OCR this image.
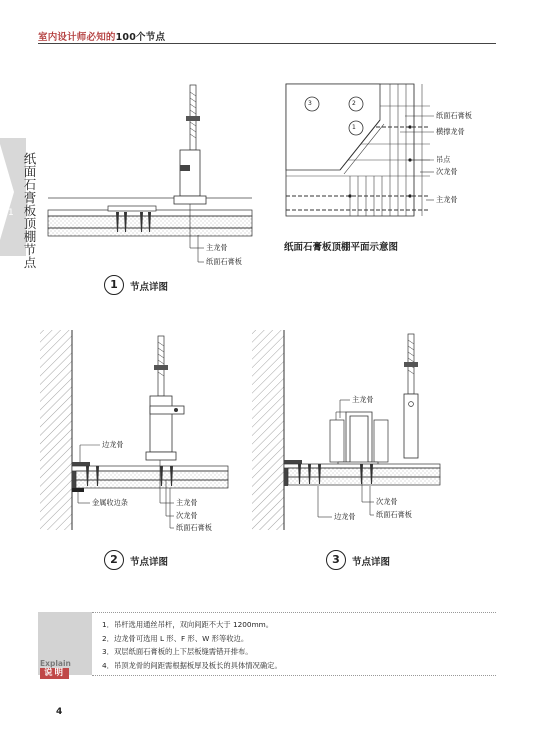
室内设计师必知的100个节点
纸面石膏板顶棚节点
1
主龙骨
纸面石膏板
1	节点详图
3	2
1
纸面石膏板
横撑龙骨
吊点
次龙骨
主龙骨
纸面石膏板顶棚平面示意图
边龙骨
金属收边条	主龙骨
次龙骨
纸面石膏板
2	节点详图
主龙骨
次龙骨
边龙骨	纸面石膏板
3	节点详图
Explain
说明
1．吊杆选用通丝吊杆，双向间距不大于 1200mm。
2．边龙骨可选用 L 形、F 形、W 形等收边。
3．双层纸面石膏板的上下层板缝需错开排布。
4．吊顶龙骨的间距需根据板厚及板长的具体情况确定。
4
